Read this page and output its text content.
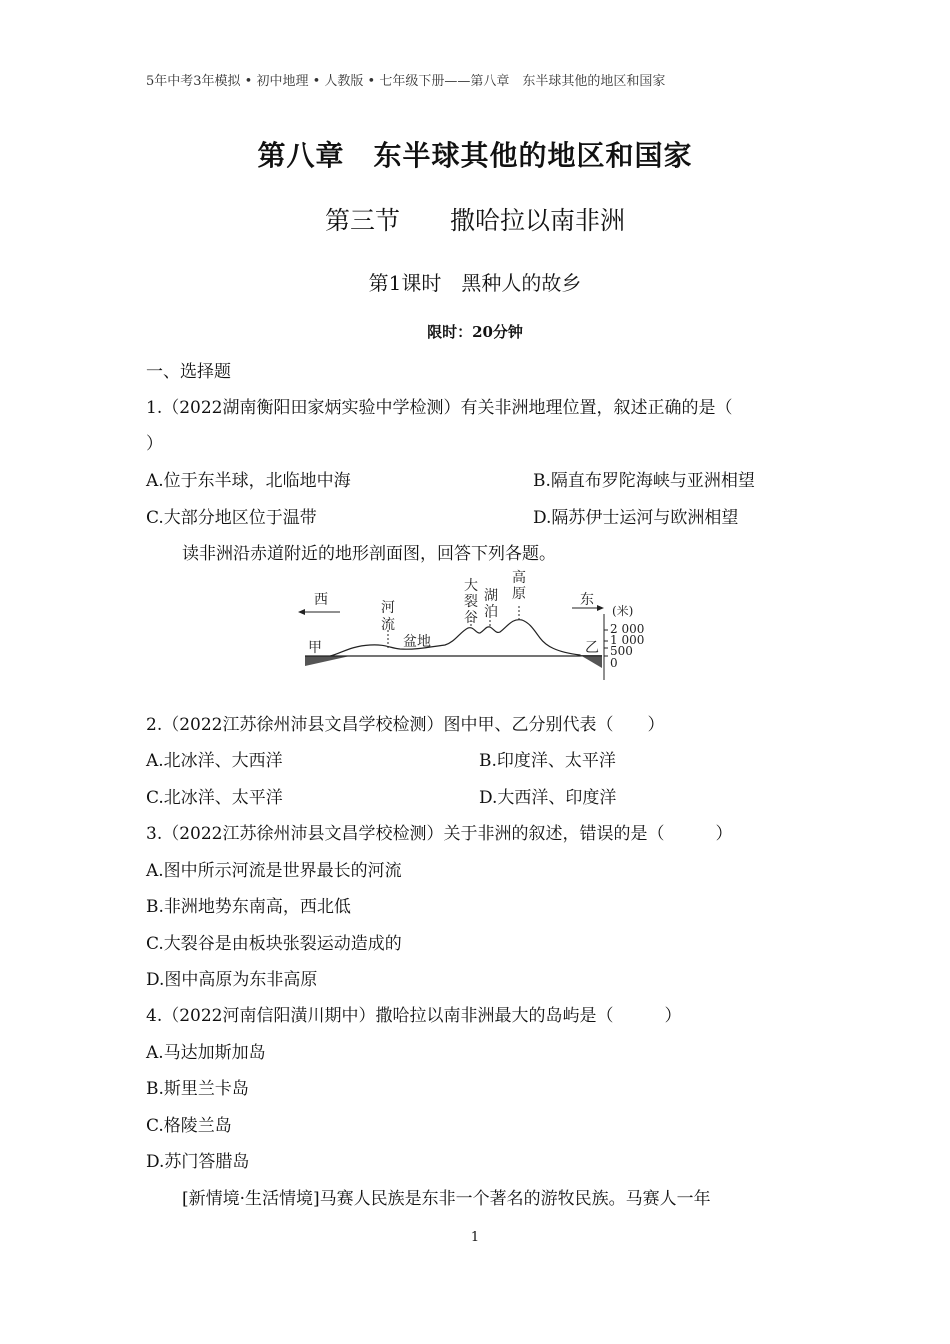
5年中考3年模拟 • 初中地理 • 人教版 • 七年级下册——第八章　东半球其他的地区和国家
第八章　东半球其他的地区和国家
第三节　　撒哈拉以南非洲
第1课时　黑种人的故乡
限时：20分钟
一、选择题
1.（2022湖南衡阳田家炳实验中学检测）有关非洲地理位置，叙述正确的是（
）
A.位于东半球，北临地中海	B.隔直布罗陀海峡与亚洲相望
C.大部分地区位于温带	D.隔苏伊士运河与欧洲相望
读非洲沿赤道附近的地形剖面图，回答下列各题。
西	东
甲	乙
河
流
盆地
大
裂
谷
湖
泊
高
原
(米)
2 000
1 000
500
0
2.（2022江苏徐州沛县文昌学校检测）图中甲、乙分别代表（　　）
A.北冰洋、大西洋	B.印度洋、太平洋
C.北冰洋、太平洋	D.大西洋、印度洋
3.（2022江苏徐州沛县文昌学校检测）关于非洲的叙述，错误的是（　　　）
A.图中所示河流是世界最长的河流
B.非洲地势东南高，西北低
C.大裂谷是由板块张裂运动造成的
D.图中高原为东非高原
4.（2022河南信阳潢川期中）撒哈拉以南非洲最大的岛屿是（　　　）
A.马达加斯加岛
B.斯里兰卡岛
C.格陵兰岛
D.苏门答腊岛
[新情境·生活情境]马赛人民族是东非一个著名的游牧民族。马赛人一年
1
